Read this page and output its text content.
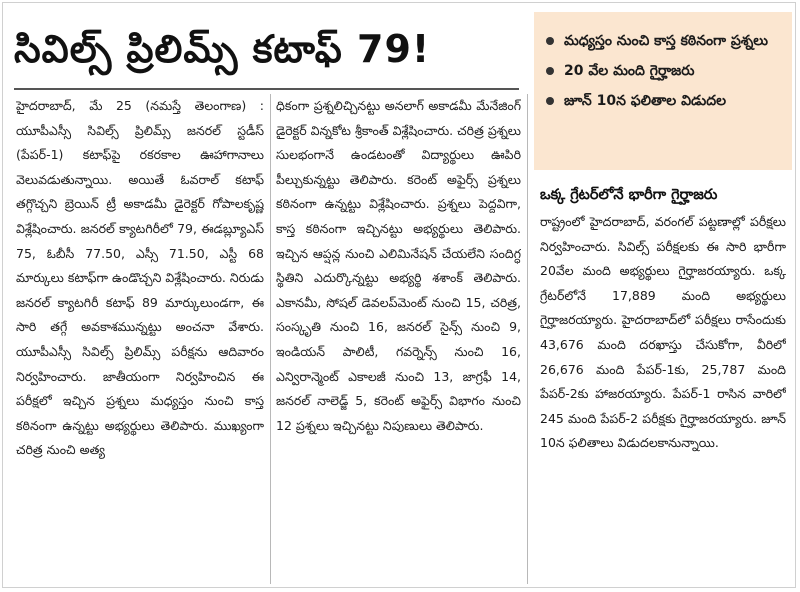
సివిల్స్ ప్రిలిమ్స్ కటాఫ్ 79!

హైదరాబాద్, మే 25 (నమస్తే తెలంగాణ) : యూపీఎస్సీ సివిల్స్ ప్రిలిమ్స్ జనరల్ స్టడీస్ (పేపర్-1) కటాఫ్‌పై రకరకాల ఊహాగానాలు వెలువడుతున్నాయి. అయితే ఓవరాల్ కటాఫ్ తగ్గొచ్చని బ్రెయిన్ ట్రీ అకాడమీ డైరెక్టర్ గోపాలకృష్ణ విశ్లేషించారు. జనరల్ క్యాటగిరీలో 79, ఈడబ్ల్యూఎస్ 75, ఓబీసీ 77.50, ఎస్సీ 71.50, ఎస్టీ 68 మార్కులు కటాఫ్‌గా ఉండొచ్చని విశ్లేషించారు. నిరుడు జనరల్ క్యాటగిరీ కటాఫ్ 89 మార్కులుండగా, ఈ సారి తగ్గే అవకాశమున్నట్టు అంచనా వేశారు. యూపీఎస్సీ సివిల్స్ ప్రిలిమ్స్ పరీక్షను ఆదివారం నిర్వహించారు. జాతీయంగా నిర్వహించిన ఈ పరీక్షలో ఇచ్చిన ప్రశ్నలు మధ్యస్తం నుంచి కాస్త కఠినంగా ఉన్నట్టు అభ్యర్థులు తెలిపారు. ముఖ్యంగా చరిత్ర నుంచి అత్య

ధికంగా ప్రశ్నలిచ్చినట్టు అనలాగ్ అకాడమీ మేనేజింగ్ డైరెక్టర్ విన్నకోట శ్రీకాంత్ విశ్లేషించారు. చరిత్ర ప్రశ్నలు సులభంగానే ఉండటంతో విద్యార్థులు ఊపిరి పీల్చుకున్నట్టు తెలిపారు. కరెంట్ అఫైర్స్ ప్రశ్నలు కఠినంగా ఉన్నట్టు విశ్లేషించారు. ప్రశ్నలు పెద్దవిగా, కాస్త కఠినంగా ఇచ్చినట్టు అభ్యర్థులు తెలిపారు. ఇచ్చిన ఆప్షన్ల నుంచి ఎలిమినేషన్ చేయలేని సందిగ్ధ స్థితిని ఎదుర్కొన్నట్టు అభ్యర్థి శశాంక్ తెలిపారు. ఎకానమీ, సోషల్ డెవలప్‌మెంట్ నుంచి 15, చరిత్ర, సంస్కృతి నుంచి 16, జనరల్ సైన్స్ నుంచి 9, ఇండియన్ పాలిటీ, గవర్నెన్స్ నుంచి 16, ఎన్విరాన్మెంట్ ఎకాలజీ నుంచి 13, జాగ్రఫీ 14, జనరల్ నాలెడ్జ్ 5, కరెంట్ అఫైర్స్ విభాగం నుంచి 12 ప్రశ్నలు ఇచ్చినట్టు నిపుణులు తెలిపారు.

మధ్యస్తం నుంచి కాస్త కఠినంగా ప్రశ్నలు
20 వేల మంది గైర్హాజరు
జూన్ 10న ఫలితాల విడుదల
ఒక్క గ్రేటర్‌లోనే భారీగా గైర్హాజరు

రాష్ట్రంలో హైదరాబాద్, వరంగల్ పట్టణాల్లో పరీక్షలు నిర్వహించారు. సివిల్స్ పరీక్షలకు ఈ సారి భారీగా 20వేల మంది అభ్యర్థులు గైర్హాజరయ్యారు. ఒక్క గ్రేటర్‌లోనే 17,889 మంది అభ్యర్థులు గైర్హాజరయ్యారు. హైదరాబాద్‌లో పరీక్షలు రాసేందుకు 43,676 మంది దరఖాస్తు చేసుకోగా, వీరిలో 26,676 మంది పేపర్-1కు, 25,787 మంది పేపర్-2కు హాజరయ్యారు. పేపర్-1 రాసిన వారిలో 245 మంది పేపర్-2 పరీక్షకు గైర్హాజరయ్యారు. జూన్ 10న ఫలితాలు విడుదలకానున్నాయి.
